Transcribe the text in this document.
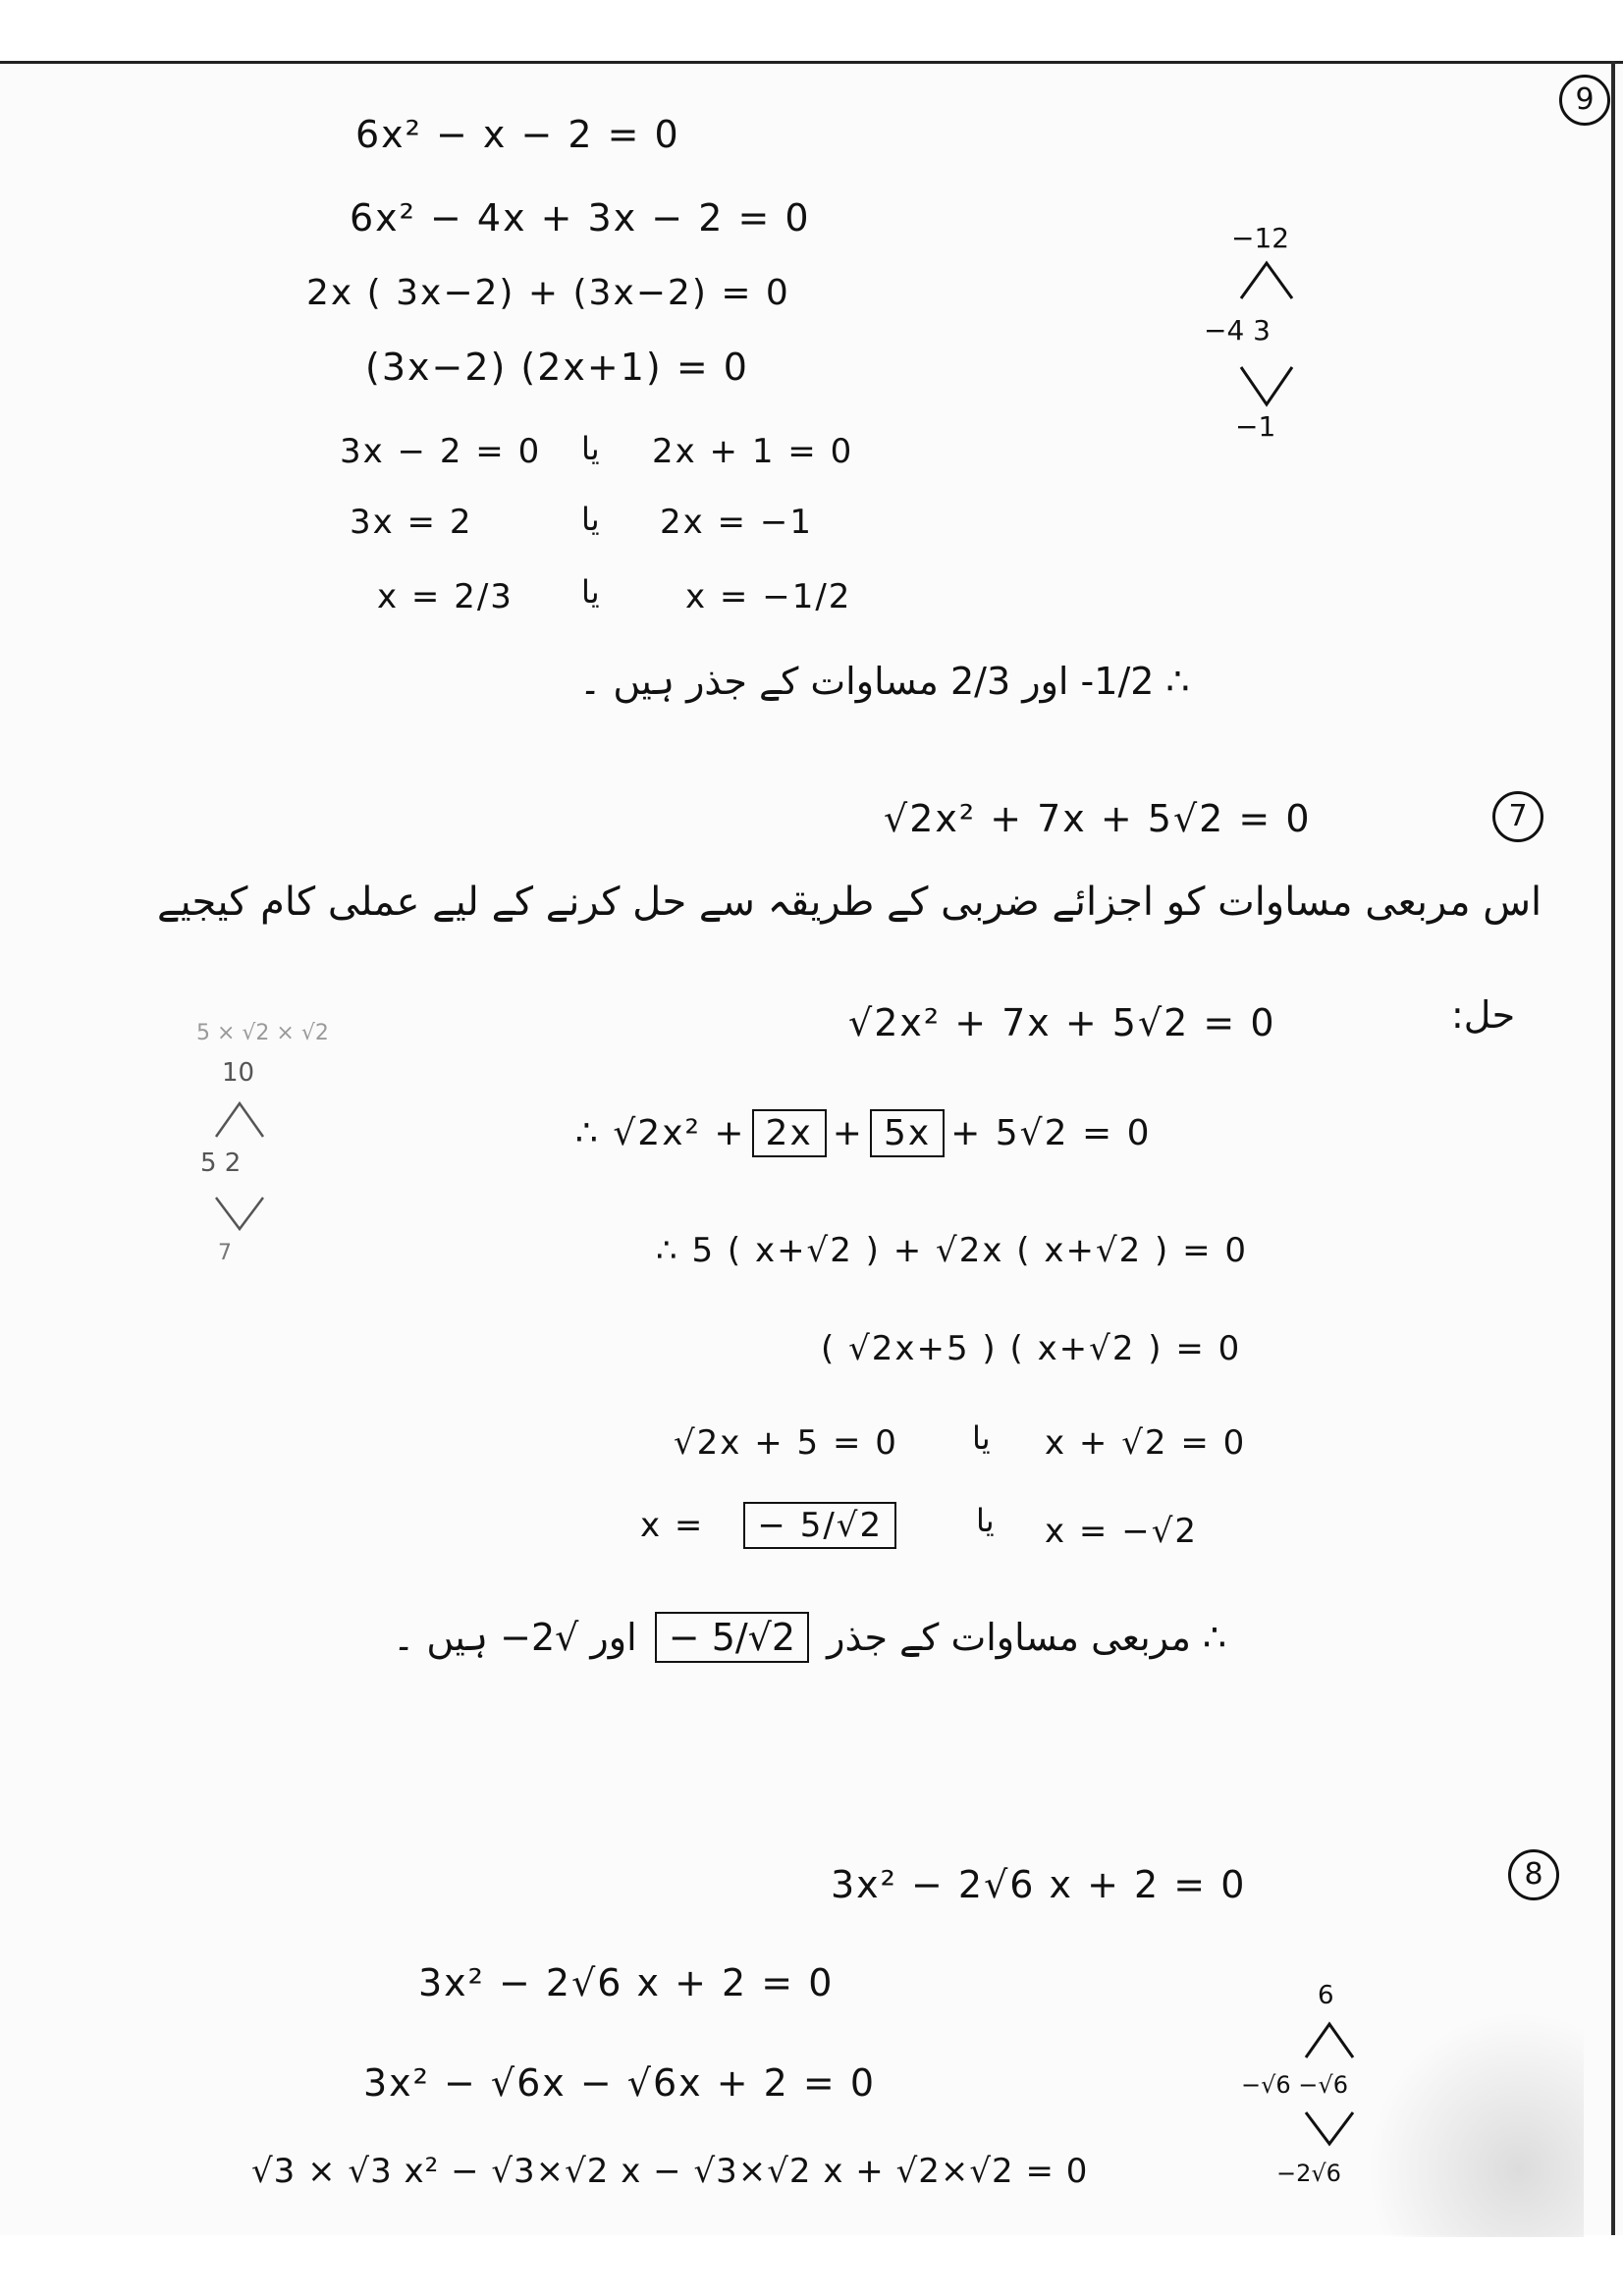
9
6x² − x − 2 = 0
6x² − 4x + 3x − 2 = 0
2x ( 3x−2) + (3x−2) = 0
(3x−2) (2x+1) = 0
3x − 2 = 0
3x = 2
x = 2/3
یا
یا
یا
2x + 1 = 0
2x = −1
x = −1/2
∴ 1/2- اور 2/3 مساوات کے جذر ہیں ۔
−12
−4 3
−1
7
√2x² + 7x + 5√2 = 0
اس مربعی مساوات کو اجزائے ضربی کے طریقہ سے حل کرنے کے لیے عملی کام کیجیے
حل:
√2x² + 7x + 5√2 = 0
∴ √2x² + 2x + 5x + 5√2 = 0
∴ 5 ( x+√2 ) + √2x ( x+√2 ) = 0
( √2x+5 ) ( x+√2 ) = 0
√2x + 5 = 0 یا x + √2 = 0
x = − 5/√2	یا x = −√2
∴ مربعی مساوات کے جذر − 5/√2 اور √2− ہیں ۔
5 × √2 × √2
10
5 2
7
8
3x² − 2√6 x + 2 = 0
3x² − 2√6 x + 2 = 0
3x² − √6x − √6x + 2 = 0
√3 × √3 x² − √3×√2 x − √3×√2 x + √2×√2 = 0
6
−√6 −√6
−2√6
